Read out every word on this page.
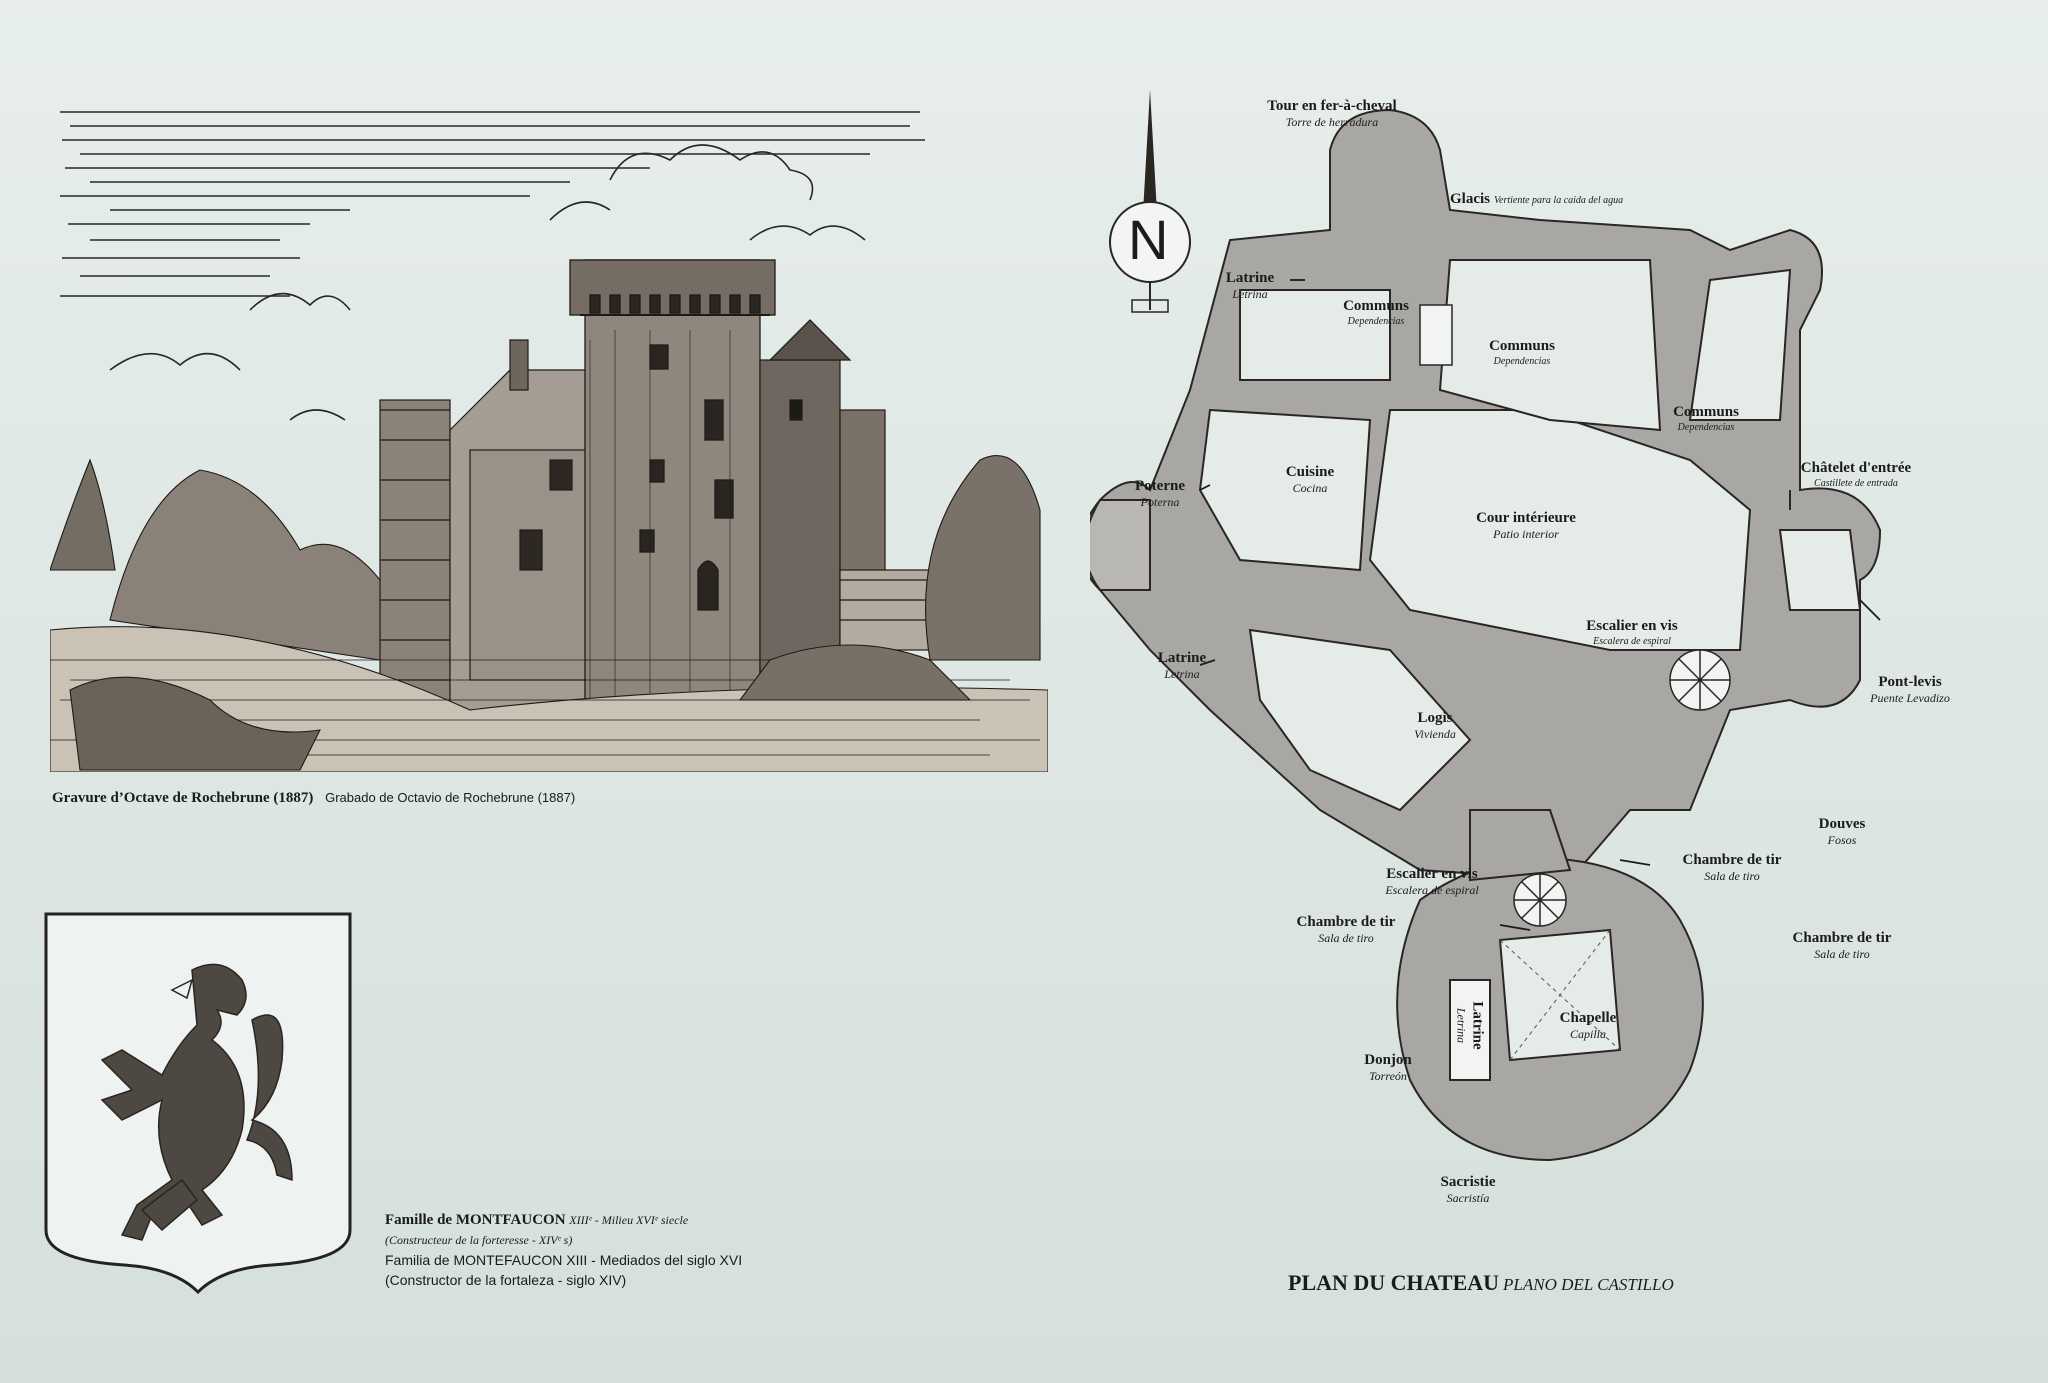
Gravure d’Octave de Rochebrune (1887) Grabado de Octavio de Rochebrune (1887)
Famille de MONTFAUCON XIIIᵉ - Milieu XVIᵉ siecle
(Constructeur de la forteresse - XIVᵉ s)
Familia de MONTEFAUCON XIII - Mediados del siglo XVI
(Constructor de la fortaleza - siglo XIV)
Tour en fer-à-cheval
Torre de herradura
Glacis Vertiente para la caida del agua
Latrine
Letrina
Communs
Dependencias
Communs
Dependencias
Communs
Dependencias
Poterne
Poterna
Cuisine
Cocina
Cour intérieure
Patio interior
Châtelet d'entrée
Castillete de entrada
Escalier en vis
Escalera de espiral
Latrine
Letrina	Pont-levis
Puente Levadizo
Logis
Vivienda
Douves
Fosos
Escalier en vis
Escalera de espiral
Chambre de tir
Sala de tiro
Chambre de tir
Sala de tiro
Chambre de tir
Sala de tiro
Latrine
Letrina	Chapelle
Capilla
Donjon
Torreón
Sacristie
Sacristía
N
PLAN DU CHATEAU PLANO DEL CASTILLO
